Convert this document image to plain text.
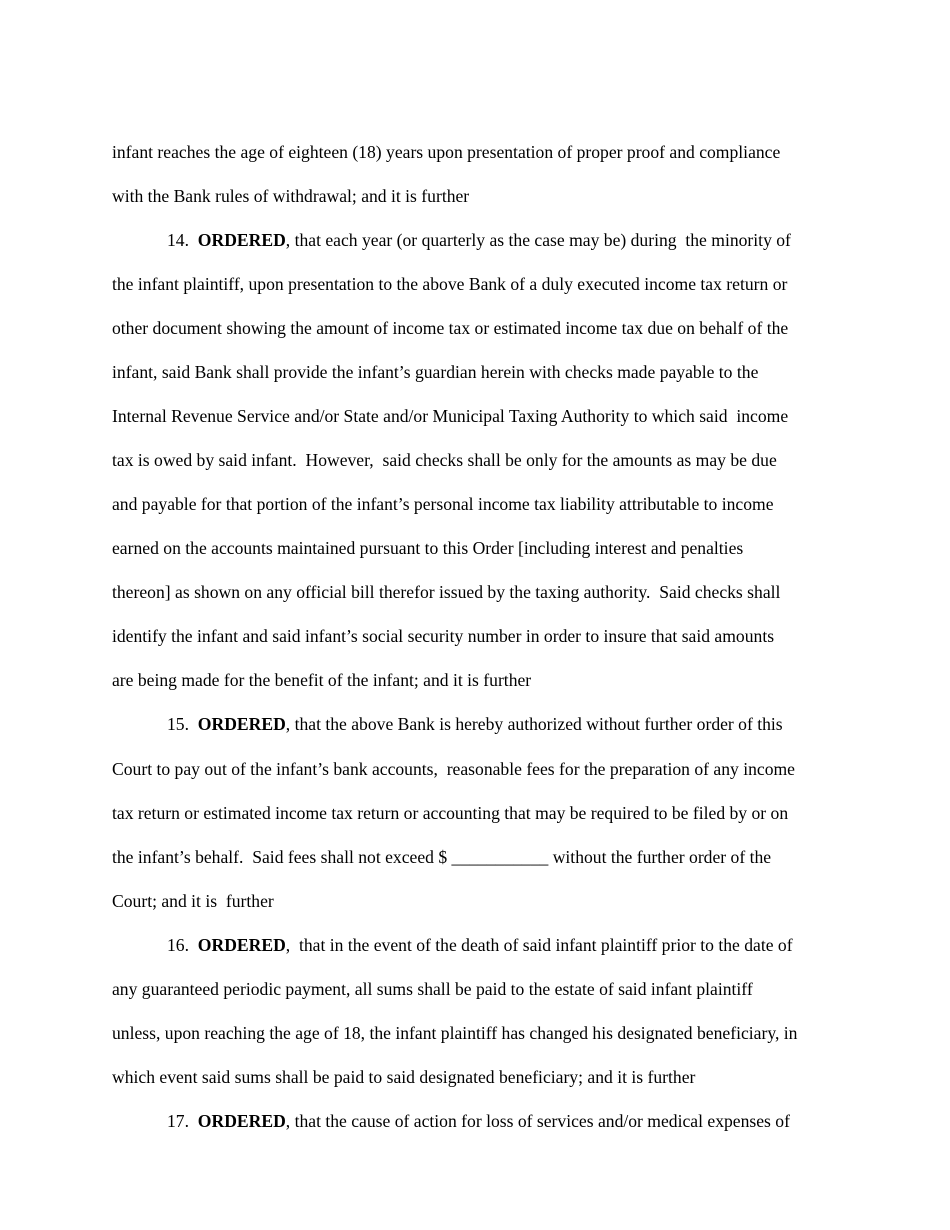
infant reaches the age of eighteen (18) years upon presentation of proper proof and compliance
with the Bank rules of withdrawal; and it is further
14. ORDERED, that each year (or quarterly as the case may be) during  the minority of
the infant plaintiff, upon presentation to the above Bank of a duly executed income tax return or
other document showing the amount of income tax or estimated income tax due on behalf of the
infant, said Bank shall provide the infant’s guardian herein with checks made payable to the
Internal Revenue Service and/or State and/or Municipal Taxing Authority to which said  income
tax is owed by said infant.  However,  said checks shall be only for the amounts as may be due
and payable for that portion of the infant’s personal income tax liability attributable to income
earned on the accounts maintained pursuant to this Order [including interest and penalties
thereon] as shown on any official bill therefor issued by the taxing authority.  Said checks shall
identify the infant and said infant’s social security number in order to insure that said amounts
are being made for the benefit of the infant; and it is further
15. ORDERED, that the above Bank is hereby authorized without further order of this
Court to pay out of the infant’s bank accounts,  reasonable fees for the preparation of any income
tax return or estimated income tax return or accounting that may be required to be filed by or on
the infant’s behalf.  Said fees shall not exceed $ ___________ without the further order of the
Court; and it is  further
16. ORDERED,  that in the event of the death of said infant plaintiff prior to the date of
any guaranteed periodic payment, all sums shall be paid to the estate of said infant plaintiff
unless, upon reaching the age of 18, the infant plaintiff has changed his designated beneficiary, in
which event said sums shall be paid to said designated beneficiary; and it is further
17. ORDERED, that the cause of action for loss of services and/or medical expenses of
